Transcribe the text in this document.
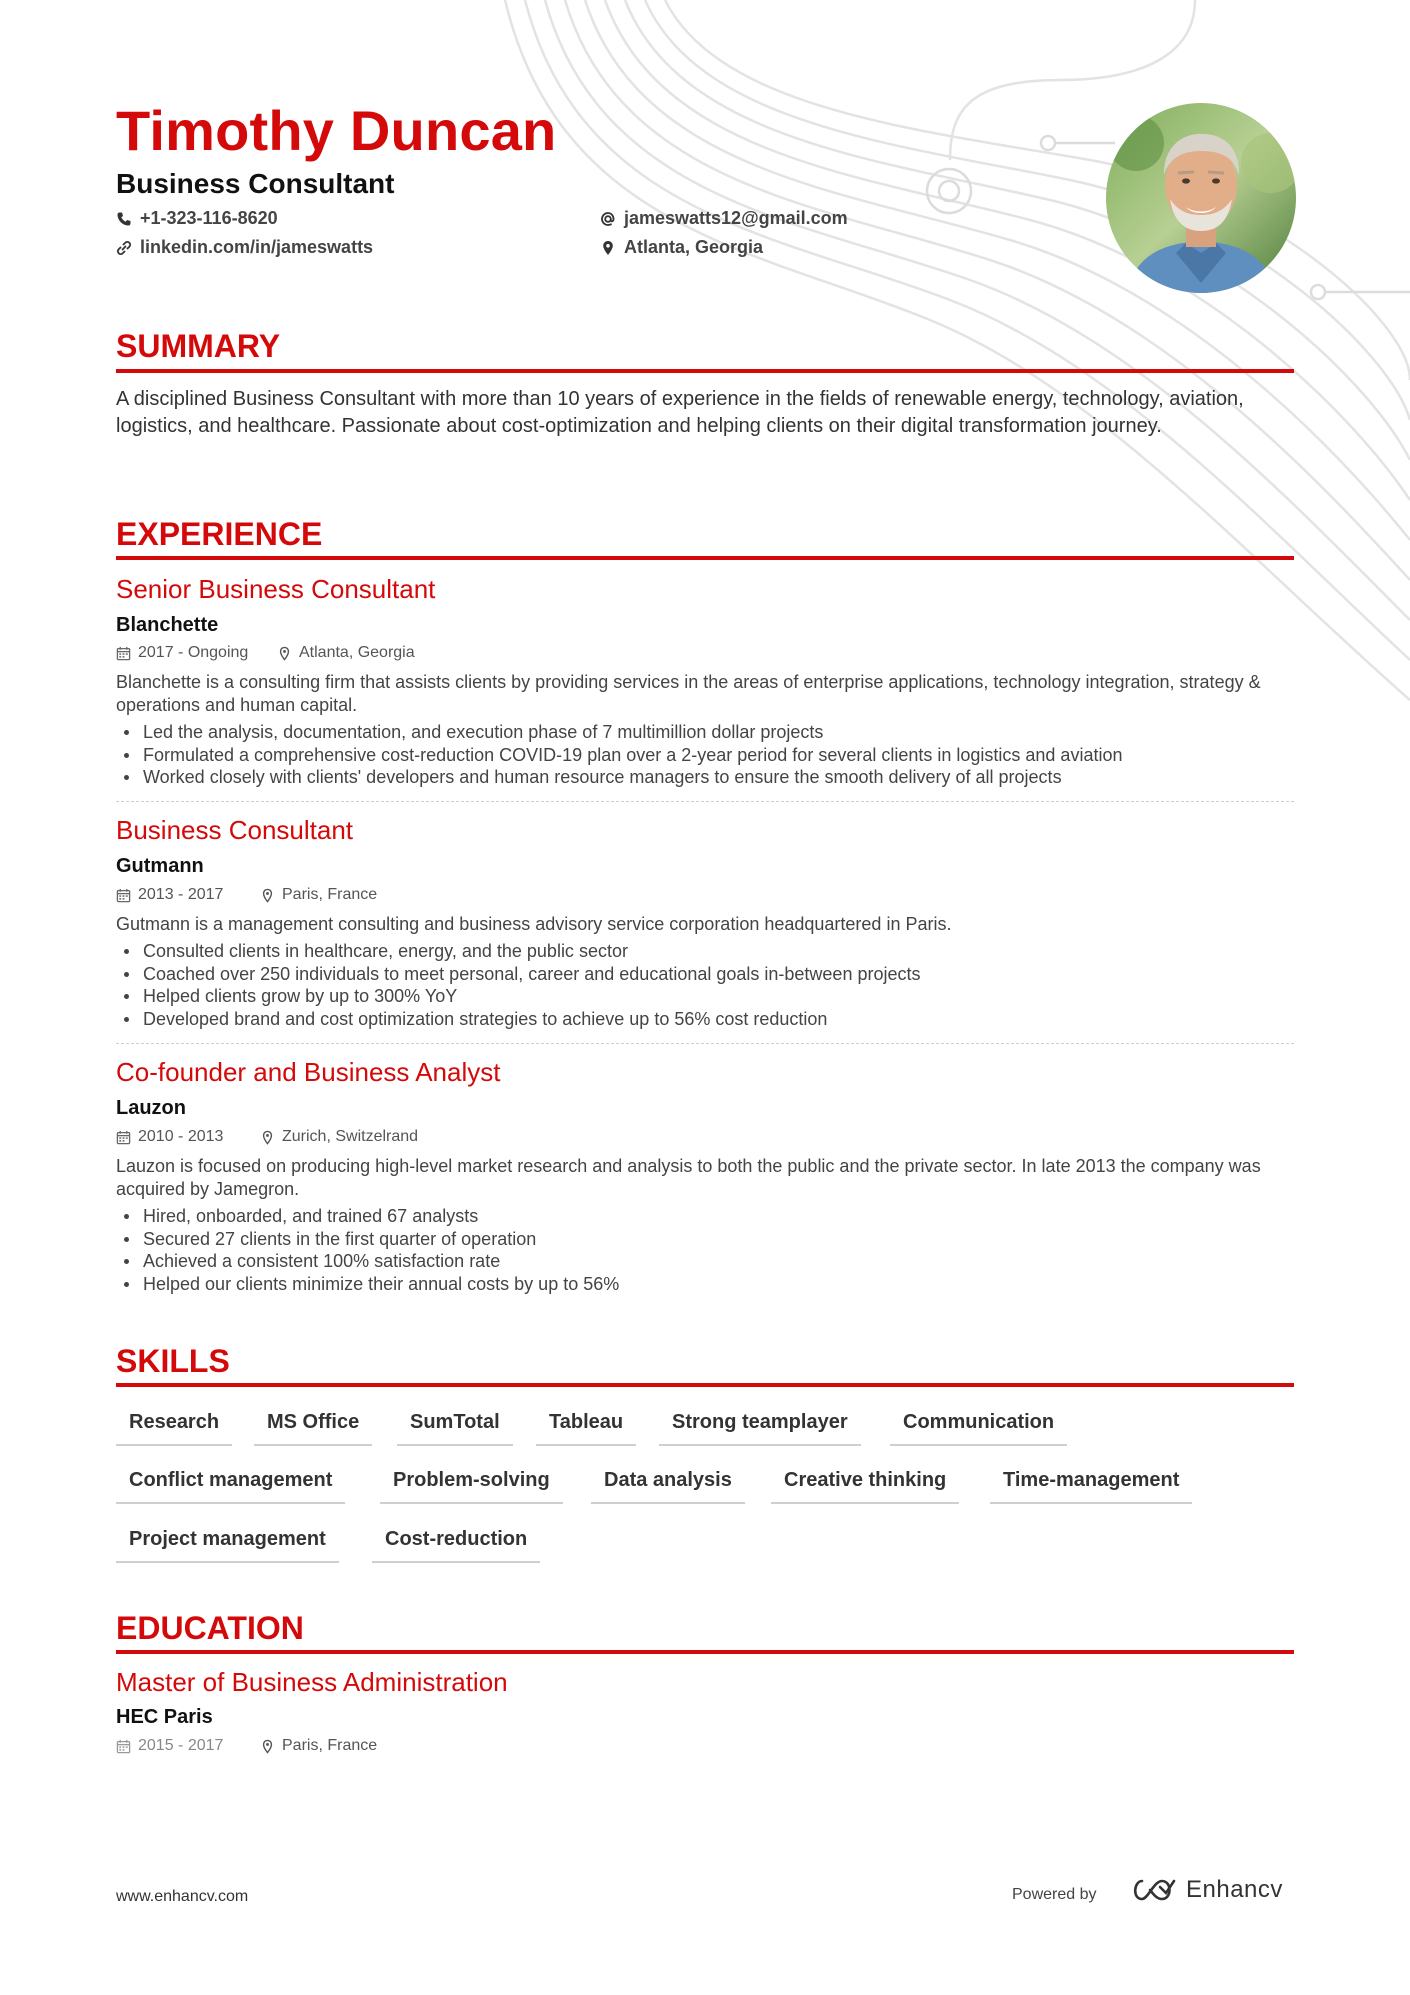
Timothy Duncan
Business Consultant
+1-323-116-8620	jameswatts12@gmail.com
linkedin.com/in/jameswatts	Atlanta, Georgia
SUMMARY
A disciplined Business Consultant with more than 10 years of experience in the fields of renewable energy, technology, aviation, logistics, and healthcare. Passionate about cost-optimization and helping clients on their digital transformation journey.
EXPERIENCE
Senior Business Consultant
Blanchette
2017 - Ongoing	Atlanta, Georgia
Blanchette is a consulting firm that assists clients by providing services in the areas of enterprise applications, technology integration, strategy & operations and human capital.
Led the analysis, documentation, and execution phase of 7 multimillion dollar projects
Formulated a comprehensive cost-reduction COVID-19 plan over a 2-year period for several clients in logistics and aviation
Worked closely with clients' developers and human resource managers to ensure the smooth delivery of all projects
Business Consultant
Gutmann
2013 - 2017	Paris, France
Gutmann is a management consulting and business advisory service corporation headquartered in Paris.
Consulted clients in healthcare, energy, and the public sector
Coached over 250 individuals to meet personal, career and educational goals in-between projects
Helped clients grow by up to 300% YoY
Developed brand and cost optimization strategies to achieve up to 56% cost reduction
Co-founder and Business Analyst
Lauzon
2010 - 2013	Zurich, Switzelrand
Lauzon is focused on producing high-level market research and analysis to both the public and the private sector. In late 2013 the company was acquired by Jamegron.
Hired, onboarded, and trained 67 analysts
Secured 27 clients in the first quarter of operation
Achieved a consistent 100% satisfaction rate
Helped our clients minimize their annual costs by up to 56%
SKILLS
Research	MS Office	SumTotal	Tableau	Strong teamplayer	Communication
Conflict management	Problem-solving	Data analysis	Creative thinking	Time-management
Project management	Cost-reduction
EDUCATION
Master of Business Administration
HEC Paris
2015 - 2017	Paris, France
www.enhancv.com	Powered by	Enhancv
